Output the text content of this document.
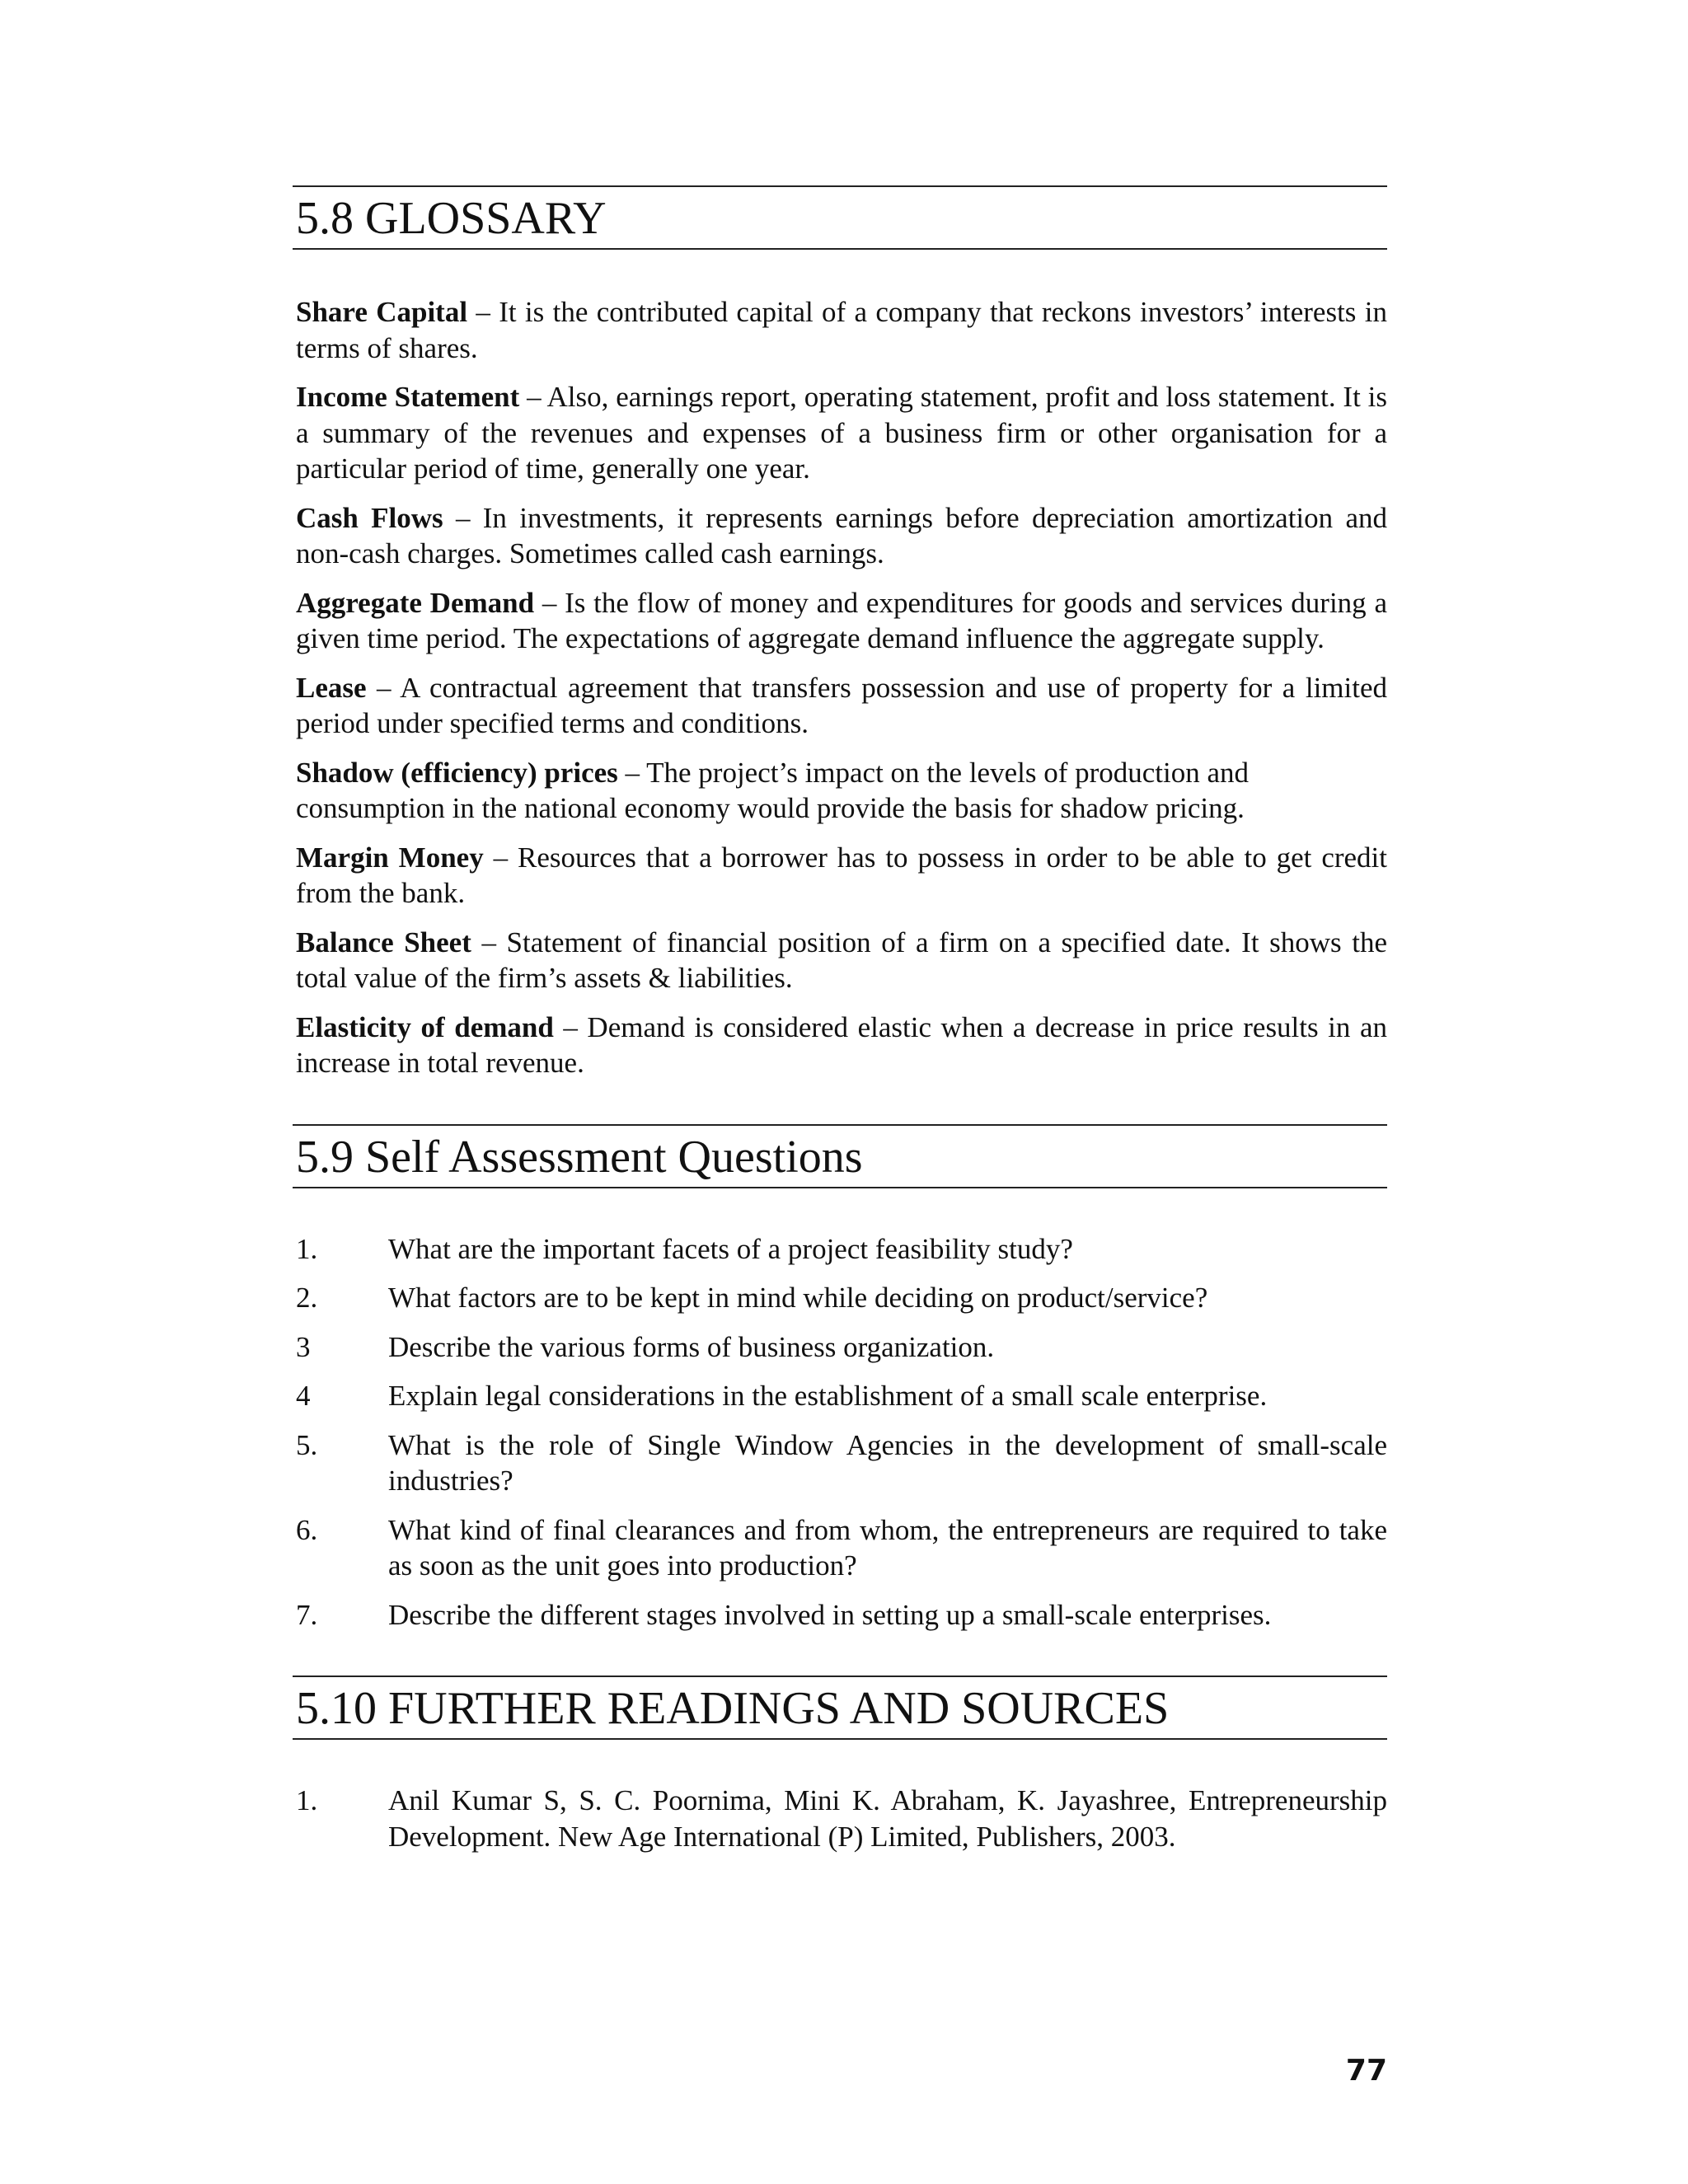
5.8 GLOSSARY

Share Capital – It is the contributed capital of a company that reckons investors’ interests in terms of shares.

Income Statement – Also, earnings report, operating statement, profit and loss statement. It is a summary of the revenues and expenses of a business firm or other organisation for a particular period of time, generally one year.

Cash Flows – In investments, it represents earnings before depreciation amortization and non-cash charges. Sometimes called cash earnings.

Aggregate Demand – Is the flow of money and expenditures for goods and services during a given time period. The expectations of aggregate demand influence the aggregate supply.

Lease – A contractual agreement that transfers possession and use of property for a limited period under specified terms and conditions.

Shadow (efficiency) prices – The project’s impact on the levels of production and consumption in the national economy would provide the basis for shadow pricing.

Margin Money – Resources that a borrower has to possess in order to be able to get credit from the bank.

Balance Sheet – Statement of financial position of a firm on a specified date. It shows the total value of the firm’s assets & liabilities.

Elasticity of demand – Demand is considered elastic when a decrease in price results in an increase in total revenue.

5.9 Self Assessment Questions
1.	What are the important facets of a project feasibility study?
2.	What factors are to be kept in mind while deciding on product/service?
3	Describe the various forms of business organization.
4	Explain legal considerations in the establishment of a small scale enterprise.
5.	What is the role of Single Window Agencies in the development of small-scale industries?
6.	What kind of final clearances and from whom, the entrepreneurs are required to take as soon as the unit goes into production?
7.	Describe the different stages involved in setting up a small-scale enterprises.
5.10 FURTHER READINGS AND SOURCES
1.	Anil Kumar S, S. C. Poornima, Mini K. Abraham, K. Jayashree, Entrepreneurship Development. New Age International (P) Limited, Publishers, 2003.
77
